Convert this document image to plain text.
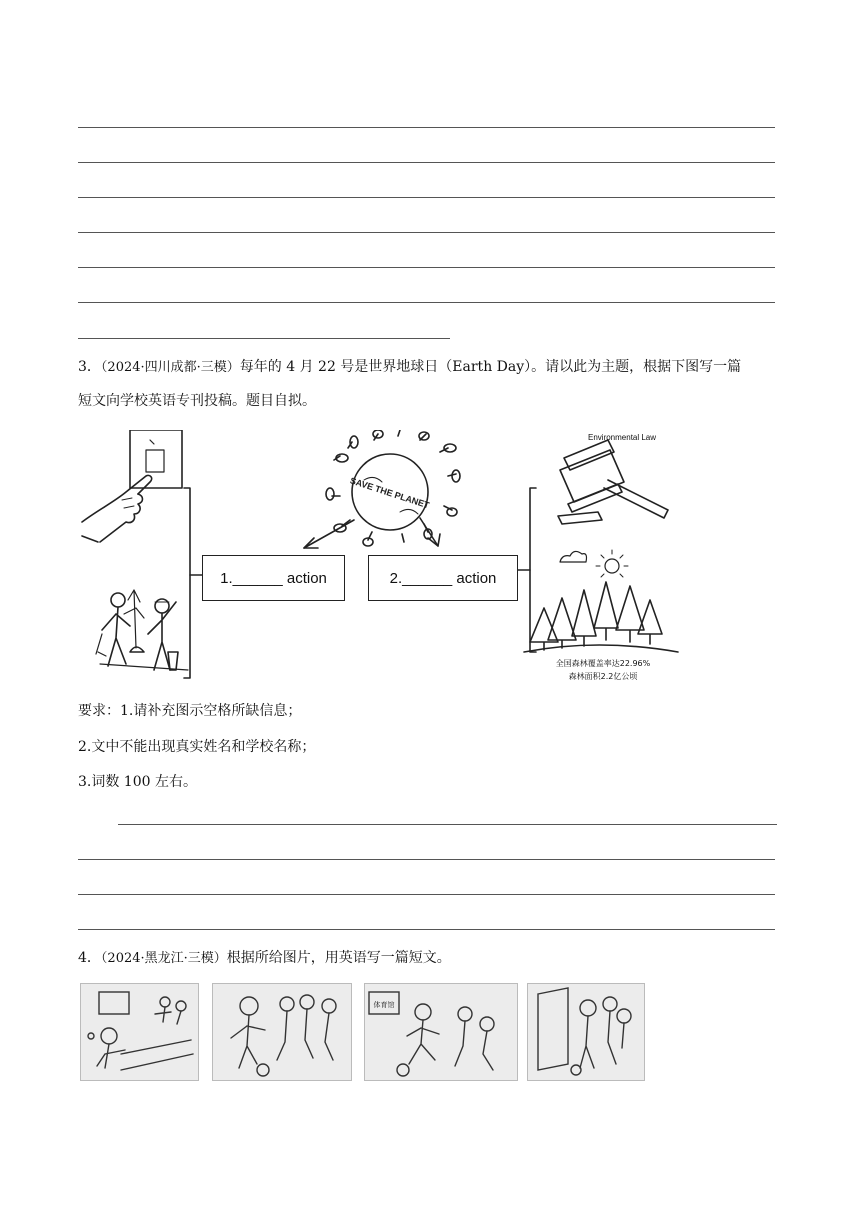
3．（2024·四川成都·三模）每年的 4 月 22 号是世界地球日（Earth Day）。请以此为主题，根据下图写一篇
短文向学校英语专刊投稿。题目自拟。
SAVE THE PLANET
Environmental Law
全国森林覆盖率达22.96%
森林面积2.2亿公顷
1. ______
action	2. ______
action
要求：1.请补充图示空格所缺信息；
2.文中不能出现真实姓名和学校名称；
3.词数 100 左右。
4．（2024·黑龙江·三模）根据所给图片，用英语写一篇短文。
体育馆
